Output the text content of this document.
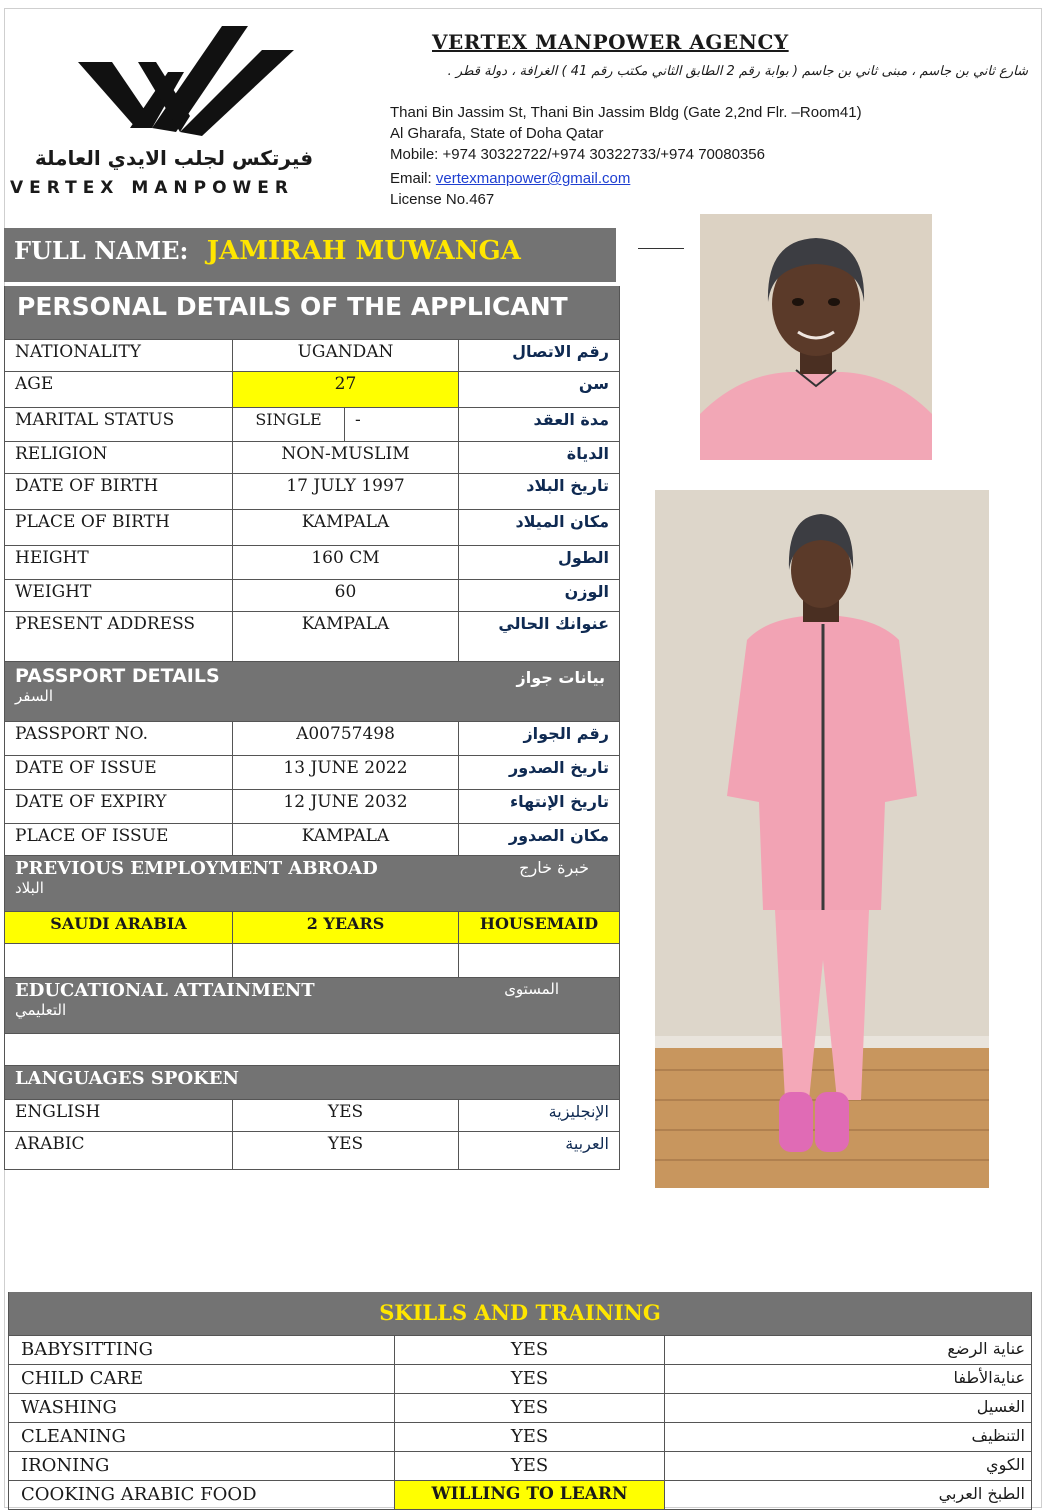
فيرتكس لجلب الايدي العاملة
VERTEX MANPOWER
VERTEX MANPOWER AGENCY
شارع ثاني بن جاسم ، مبنى ثاني بن جاسم ( بوابة رقم 2 الطابق الثاني مكتب رقم 41 ) الغرافة ، دولة قطر .
Thani Bin Jassim St, Thani Bin Jassim Bldg (Gate 2,2nd Flr. –Room41)
Al Gharafa, State of Doha Qatar
Mobile: +974 30322722/+974 30322733/+974 70080356
Email: vertexmanpower@gmail.com
License No.467
FULL NAME: JAMIRAH MUWANGA
PERSONAL DETAILS OF THE APPLICANT
NATIONALITY	UGANDAN	رقم الاتصال
AGE	27	سن
MARITAL STATUS	SINGLE	-	مدة العقد
RELIGION	NON-MUSLIM	الدياة
DATE OF BIRTH	17 JULY 1997	تاريخ البلاد
PLACE OF BIRTH	KAMPALA	مكان الميلاد
HEIGHT	160 CM	الطول
WEIGHT	60	الوزن
PRESENT ADDRESS	KAMPALA	عنوانك الحالي
PASSPORT DETAILS	بيانات جواز
السفر
PASSPORT NO.	A00757498	رقم الجواز
DATE OF ISSUE	13 JUNE 2022	تاريخ الصدور
DATE OF EXPIRY	12 JUNE 2032	تاريخ الإنتهاء
PLACE OF ISSUE	KAMPALA	مكان الصدور
PREVIOUS EMPLOYMENT ABROAD	خبرة خارج
البلاد
SAUDI ARABIA	2 YEARS	HOUSEMAID
EDUCATIONAL ATTAINMENT	المستوى
التعليمي
LANGUAGES SPOKEN
ENGLISH	YES	الإنجليزية
ARABIC	YES	العربية
SKILLS AND TRAINING
BABYSITTING	YES	عناية الرضع
CHILD CARE	YES	عنايةالأطفا
WASHING	YES	الغسيل
CLEANING	YES	التنظيف
IRONING	YES	الكوي
COOKING ARABIC FOOD	WILLING TO LEARN	الطبخ العربي
